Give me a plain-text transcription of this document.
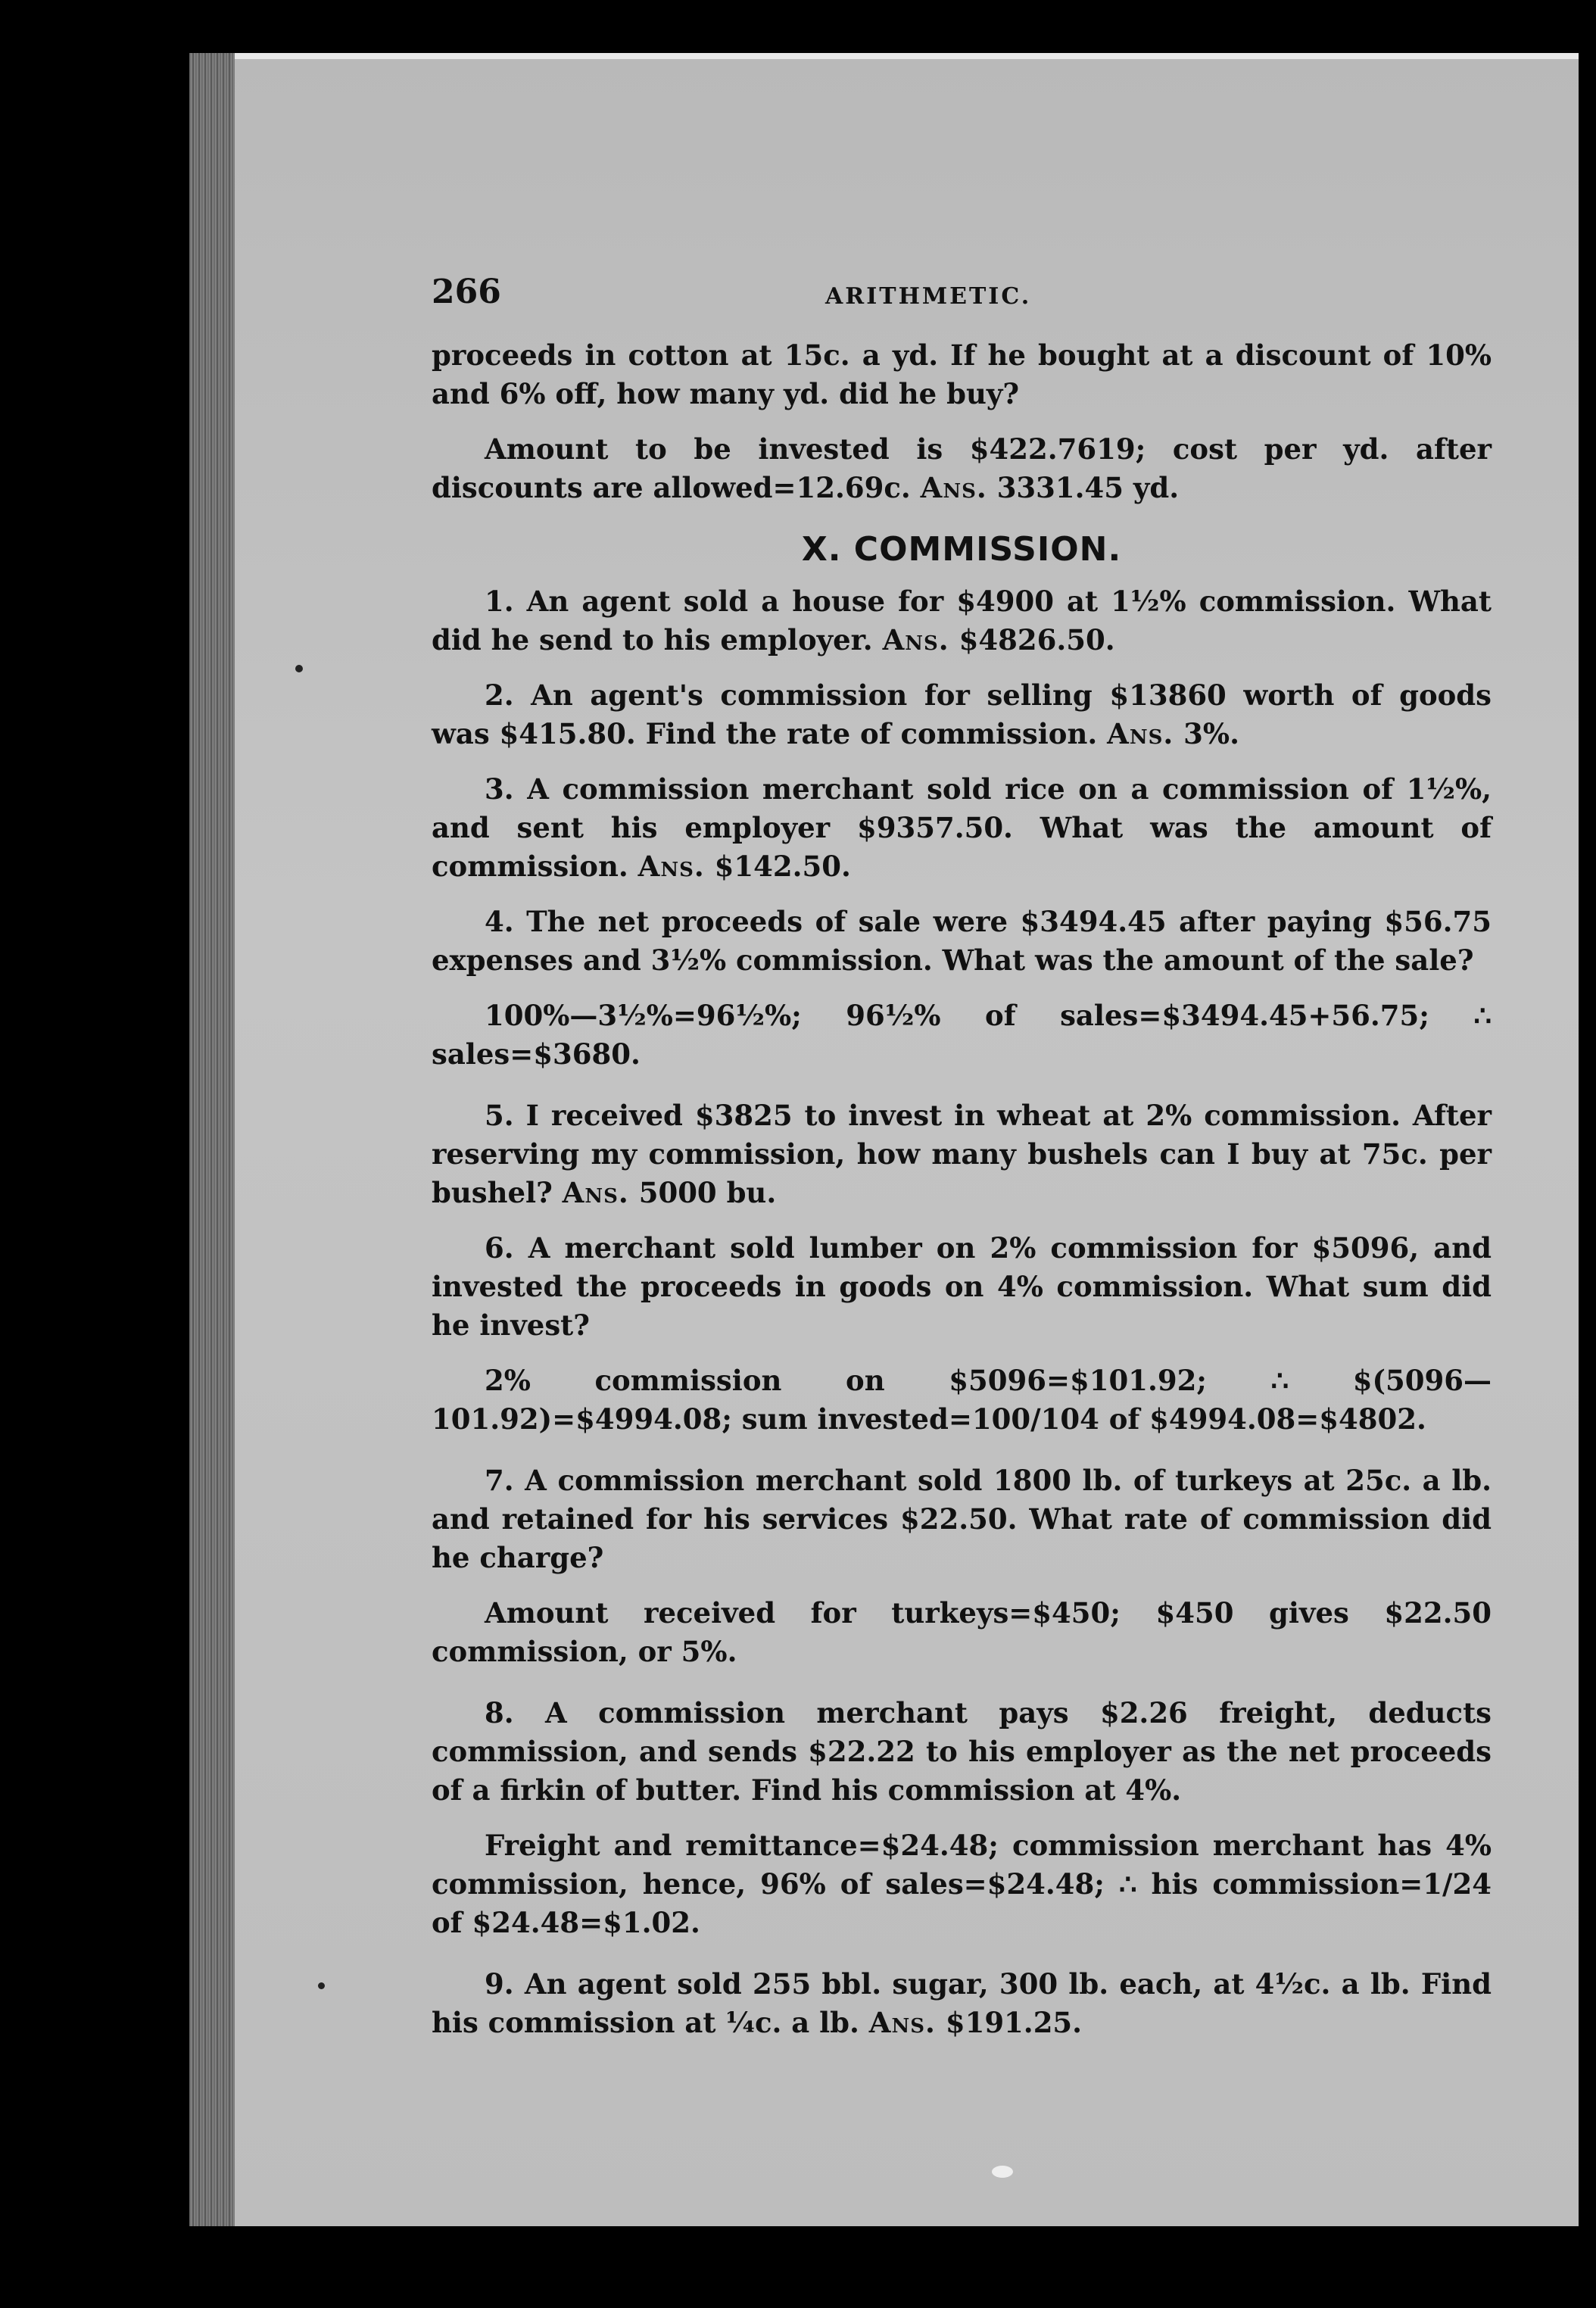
266	ARITHMETIC.

proceeds in cotton at 15c. a yd. If he bought at a discount of 10% and 6% off, how many yd. did he buy?

Amount to be invested is $422.7619; cost per yd. after discounts are allowed=12.69c. Ans. 3331.45 yd.

X. COMMISSION.

1. An agent sold a house for $4900 at 1½% commission. What did he send to his employer. Ans. $4826.50.

2. An agent's commission for selling $13860 worth of goods was $415.80. Find the rate of commission. Ans. 3%.

3. A commission merchant sold rice on a commission of 1½%, and sent his employer $9357.50. What was the amount of commission. Ans. $142.50.

4. The net proceeds of sale were $3494.45 after paying $56.75 expenses and 3½% commission. What was the amount of the sale?

100%—3½%=96½%; 96½% of sales=$3494.45+56.75; ∴ sales=$3680.

5. I received $3825 to invest in wheat at 2% commission. After reserving my commission, how many bushels can I buy at 75c. per bushel? Ans. 5000 bu.

6. A merchant sold lumber on 2% commission for $5096, and invested the proceeds in goods on 4% commission. What sum did he invest?

2% commission on $5096=$101.92; ∴ $(5096—101.92)=$4994.08; sum invested=100/104 of $4994.08=$4802.

7. A commission merchant sold 1800 lb. of turkeys at 25c. a lb. and retained for his services $22.50. What rate of commission did he charge?

Amount received for turkeys=$450; $450 gives $22.50 commission, or 5%.

8. A commission merchant pays $2.26 freight, deducts commission, and sends $22.22 to his employer as the net proceeds of a firkin of butter. Find his commission at 4%.

Freight and remittance=$24.48; commission merchant has 4% commission, hence, 96% of sales=$24.48; ∴ his commission=1/24 of $24.48=$1.02.

9. An agent sold 255 bbl. sugar, 300 lb. each, at 4½c. a lb. Find his commission at ¼c. a lb. Ans. $191.25.
